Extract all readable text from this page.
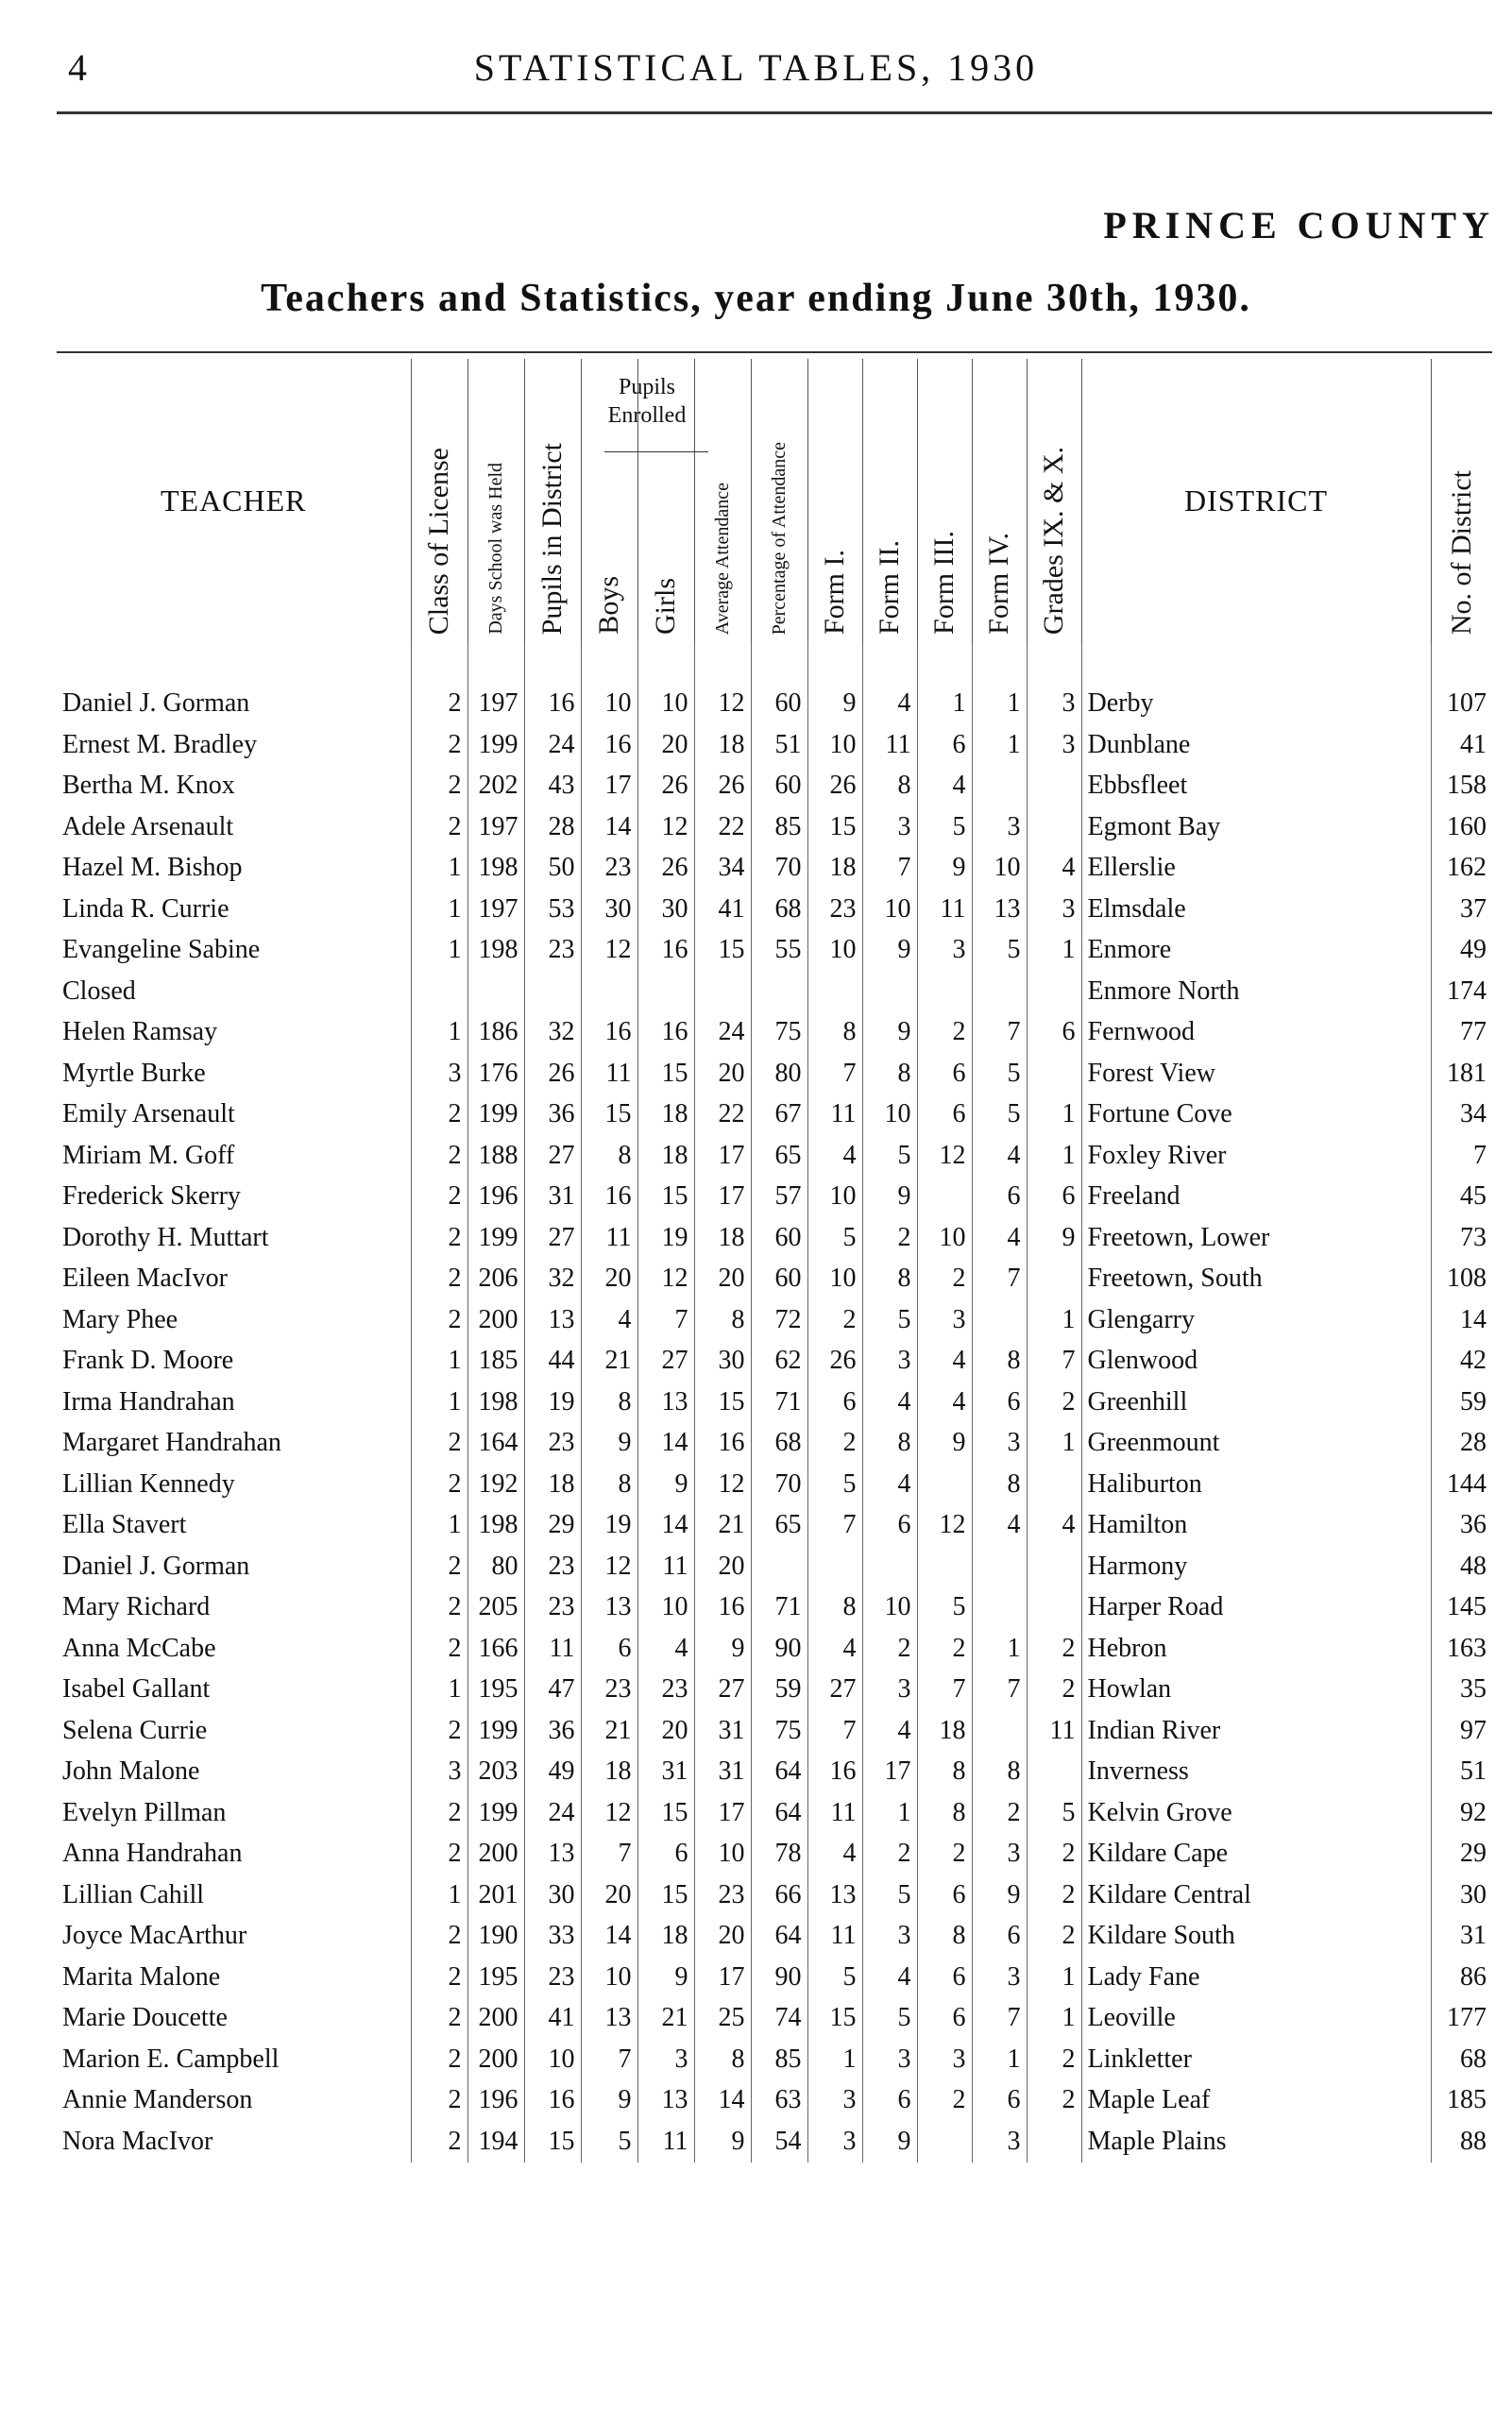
4	STATISTICAL TABLES, 1930
PRINCE COUNTY
Teachers and Statistics, year ending June 30th, 1930.
TEACHER	Class of License	Days School was Held	Pupils in District	Boys	Girls	Average Attendance	Percentage of Attendance	Form I.	Form II.	Form III.	Form IV.	Grades IX. & X.	DISTRICT	No. of District

Daniel J. Gorman	2	197	16	10	10	12	60	9	4	1	1	3	Derby	107
Ernest M. Bradley	2	199	24	16	20	18	51	10	11	6	1	3	Dunblane	41
Bertha M. Knox	2	202	43	17	26	26	60	26	8	4			Ebbsfleet	158
Adele Arsenault	2	197	28	14	12	22	85	15	3	5	3		Egmont Bay	160
Hazel M. Bishop	1	198	50	23	26	34	70	18	7	9	10	4	Ellerslie	162
Linda R. Currie	1	197	53	30	30	41	68	23	10	11	13	3	Elmsdale	37
Evangeline Sabine	1	198	23	12	16	15	55	10	9	3	5	1	Enmore	49
Closed													Enmore North	174
Helen Ramsay	1	186	32	16	16	24	75	8	9	2	7	6	Fernwood	77
Myrtle Burke	3	176	26	11	15	20	80	7	8	6	5		Forest View	181
Emily Arsenault	2	199	36	15	18	22	67	11	10	6	5	1	Fortune Cove	34
Miriam M. Goff	2	188	27	8	18	17	65	4	5	12	4	1	Foxley River	7
Frederick Skerry	2	196	31	16	15	17	57	10	9		6	6	Freeland	45
Dorothy H. Muttart	2	199	27	11	19	18	60	5	2	10	4	9	Freetown, Lower	73
Eileen MacIvor	2	206	32	20	12	20	60	10	8	2	7		Freetown, South	108
Mary Phee	2	200	13	4	7	8	72	2	5	3		1	Glengarry	14
Frank D. Moore	1	185	44	21	27	30	62	26	3	4	8	7	Glenwood	42
Irma Handrahan	1	198	19	8	13	15	71	6	4	4	6	2	Greenhill	59
Margaret Handrahan	2	164	23	9	14	16	68	2	8	9	3	1	Greenmount	28
Lillian Kennedy	2	192	18	8	9	12	70	5	4		8		Haliburton	144
Ella Stavert	1	198	29	19	14	21	65	7	6	12	4	4	Hamilton	36
Daniel J. Gorman	2	80	23	12	11	20							Harmony	48
Mary Richard	2	205	23	13	10	16	71	8	10	5			Harper Road	145
Anna McCabe	2	166	11	6	4	9	90	4	2	2	1	2	Hebron	163
Isabel Gallant	1	195	47	23	23	27	59	27	3	7	7	2	Howlan	35
Selena Currie	2	199	36	21	20	31	75	7	4	18		11	Indian River	97
John Malone	3	203	49	18	31	31	64	16	17	8	8		Inverness	51
Evelyn Pillman	2	199	24	12	15	17	64	11	1	8	2	5	Kelvin Grove	92
Anna Handrahan	2	200	13	7	6	10	78	4	2	2	3	2	Kildare Cape	29
Lillian Cahill	1	201	30	20	15	23	66	13	5	6	9	2	Kildare Central	30
Joyce MacArthur	2	190	33	14	18	20	64	11	3	8	6	2	Kildare South	31
Marita Malone	2	195	23	10	9	17	90	5	4	6	3	1	Lady Fane	86
Marie Doucette	2	200	41	13	21	25	74	15	5	6	7	1	Leoville	177
Marion E. Campbell	2	200	10	7	3	8	85	1	3	3	1	2	Linkletter	68
Annie Manderson	2	196	16	9	13	14	63	3	6	2	6	2	Maple Leaf	185
Nora MacIvor	2	194	15	5	11	9	54	3	9		3		Maple Plains	88
Pupils Enrolled
